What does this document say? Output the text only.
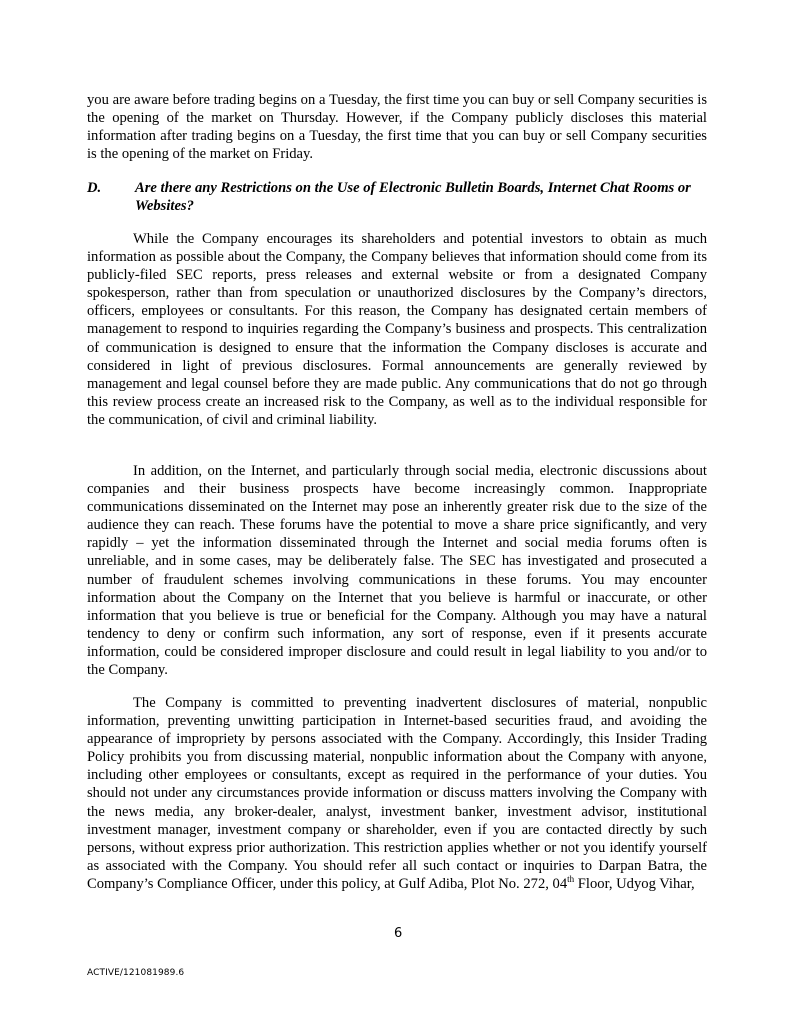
you are aware before trading begins on a Tuesday, the first time you can buy or sell Company securities is the opening of the market on Thursday. However, if the Company publicly discloses this material information after trading begins on a Tuesday, the first time that you can buy or sell Company securities is the opening of the market on Friday.

D. Are there any Restrictions on the Use of Electronic Bulletin Boards, Internet Chat Rooms or Websites?

While the Company encourages its shareholders and potential investors to obtain as much information as possible about the Company, the Company believes that information should come from its publicly-filed SEC reports, press releases and external website or from a designated Company spokesperson, rather than from speculation or unauthorized disclosures by the Company’s directors, officers, employees or consultants. For this reason, the Company has designated certain members of management to respond to inquiries regarding the Company’s business and prospects. This centralization of communication is designed to ensure that the information the Company discloses is accurate and considered in light of previous disclosures. Formal announcements are generally reviewed by management and legal counsel before they are made public. Any communications that do not go through this review process create an increased risk to the Company, as well as to the individual responsible for the communication, of civil and criminal liability.

In addition, on the Internet, and particularly through social media, electronic discussions about companies and their business prospects have become increasingly common. Inappropriate communications disseminated on the Internet may pose an inherently greater risk due to the size of the audience they can reach. These forums have the potential to move a share price significantly, and very rapidly – yet the information disseminated through the Internet and social media forums often is unreliable, and in some cases, may be deliberately false. The SEC has investigated and prosecuted a number of fraudulent schemes involving communications in these forums. You may encounter information about the Company on the Internet that you believe is harmful or inaccurate, or other information that you believe is true or beneficial for the Company. Although you may have a natural tendency to deny or confirm such information, any sort of response, even if it presents accurate information, could be considered improper disclosure and could result in legal liability to you and/or to the Company.

The Company is committed to preventing inadvertent disclosures of material, nonpublic information, preventing unwitting participation in Internet-based securities fraud, and avoiding the appearance of impropriety by persons associated with the Company. Accordingly, this Insider Trading Policy prohibits you from discussing material, nonpublic information about the Company with anyone, including other employees or consultants, except as required in the performance of your duties. You should not under any circumstances provide information or discuss matters involving the Company with the news media, any broker-dealer, analyst, investment banker, investment advisor, institutional investment manager, investment company or shareholder, even if you are contacted directly by such persons, without express prior authorization. This restriction applies whether or not you identify yourself as associated with the Company. You should refer all such contact or inquiries to Darpan Batra, the Company’s Compliance Officer, under this policy, at Gulf Adiba, Plot No. 272, 04th Floor, Udyog Vihar,

6
ACTIVE/121081989.6
